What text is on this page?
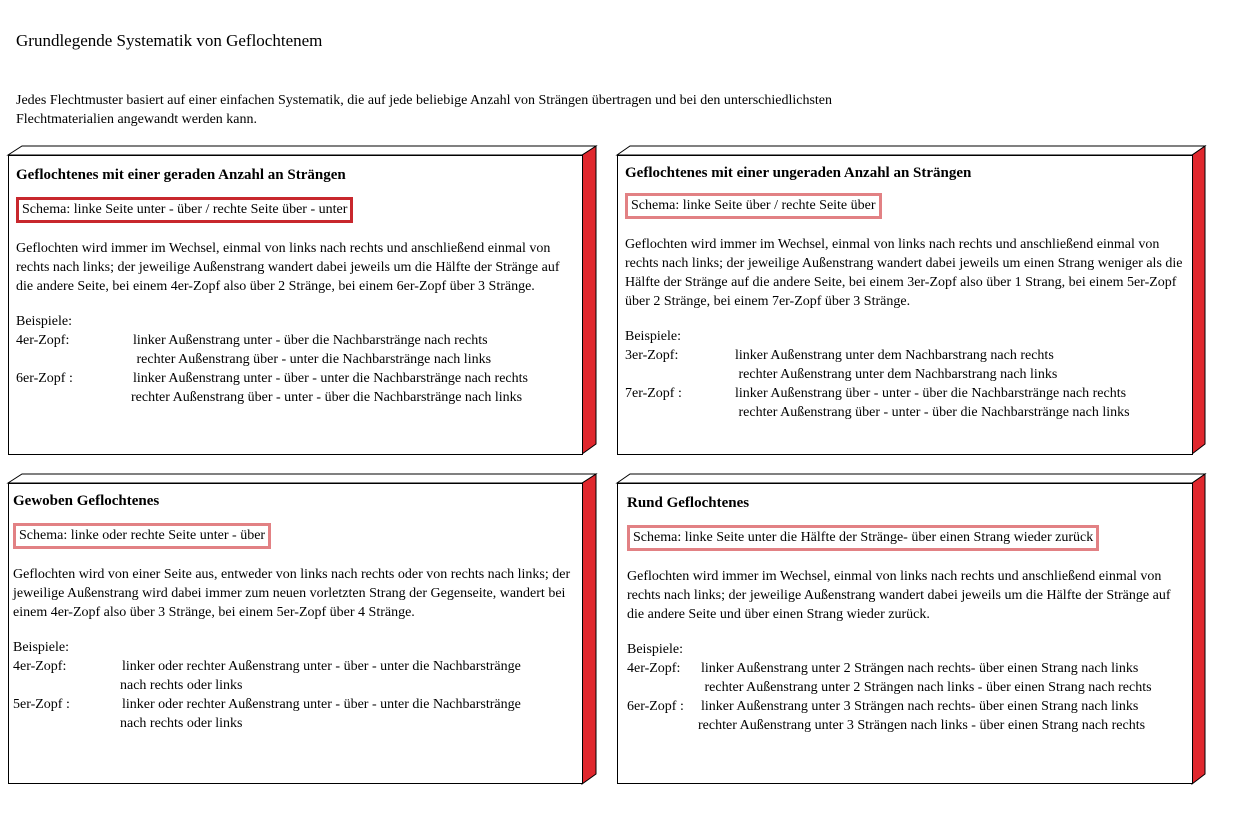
Grundlegende Systematik von Geflochtenem
Jedes Flechtmuster basiert auf einer einfachen Systematik, die auf jede beliebige Anzahl von Strängen übertragen und bei den unterschiedlichsten Flechtmaterialien angewandt werden kann.
Geflochtenes mit einer geraden Anzahl an Strängen
Schema: linke Seite unter - über / rechte Seite über - unter
Geflochten wird immer im Wechsel, einmal von links nach rechts und anschließend einmal von rechts nach links; der jeweilige Außenstrang wandert dabei jeweils um die Hälfte der Stränge auf die andere Seite, bei einem 4er-Zopf also über 2 Stränge, bei einem 6er-Zopf über 3 Stränge.
Beispiele:
4er-Zopf:	linker Außenstrang unter - über die Nachbarstränge nach rechts
rechter Außenstrang über - unter die Nachbarstränge nach links
6er-Zopf :	linker Außenstrang unter - über - unter die Nachbarstränge nach rechts
rechter Außenstrang über - unter - über die Nachbarstränge nach links
Geflochtenes mit einer ungeraden Anzahl an Strängen
Schema: linke Seite über / rechte Seite über
Geflochten wird immer im Wechsel, einmal von links nach rechts und anschließend einmal von rechts nach links; der jeweilige Außenstrang wandert dabei jeweils um einen Strang weniger als die Hälfte der Stränge auf die andere Seite, bei einem 3er-Zopf also über 1 Strang, bei einem 5er-Zopf über 2 Stränge, bei einem 7er-Zopf über 3 Stränge.
Beispiele:
3er-Zopf:	linker Außenstrang unter dem Nachbarstrang nach rechts
rechter Außenstrang unter dem Nachbarstrang nach links
7er-Zopf :	linker Außenstrang über - unter - über die Nachbarstränge nach rechts
rechter Außenstrang über - unter - über die Nachbarstränge nach links
Gewoben Geflochtenes
Schema: linke oder rechte Seite unter - über
Geflochten wird von einer Seite aus, entweder von links nach rechts oder von rechts nach links; der jeweilige Außenstrang wird dabei immer zum neuen vorletzten Strang der Gegenseite, wandert bei einem 4er-Zopf also über 3 Stränge, bei einem 5er-Zopf über 4 Stränge.
Beispiele:
4er-Zopf:	linker oder rechter Außenstrang unter - über - unter die Nachbarstränge
nach rechts oder links
5er-Zopf :	linker oder rechter Außenstrang unter - über - unter die Nachbarstränge
nach rechts oder links
Rund Geflochtenes
Schema: linke Seite unter die Hälfte der Stränge- über einen Strang wieder zurück
Geflochten wird immer im Wechsel, einmal von links nach rechts und anschließend einmal von rechts nach links; der jeweilige Außenstrang wandert dabei jeweils um die Hälfte der Stränge auf die andere Seite und über einen Strang wieder zurück.
Beispiele:
4er-Zopf:	linker Außenstrang unter 2 Strängen nach rechts- über einen Strang nach links
rechter Außenstrang unter 2 Strängen nach links - über einen Strang nach rechts
6er-Zopf :	linker Außenstrang unter 3 Strängen nach rechts- über einen Strang nach links
rechter Außenstrang unter 3 Strängen nach links - über einen Strang nach rechts
